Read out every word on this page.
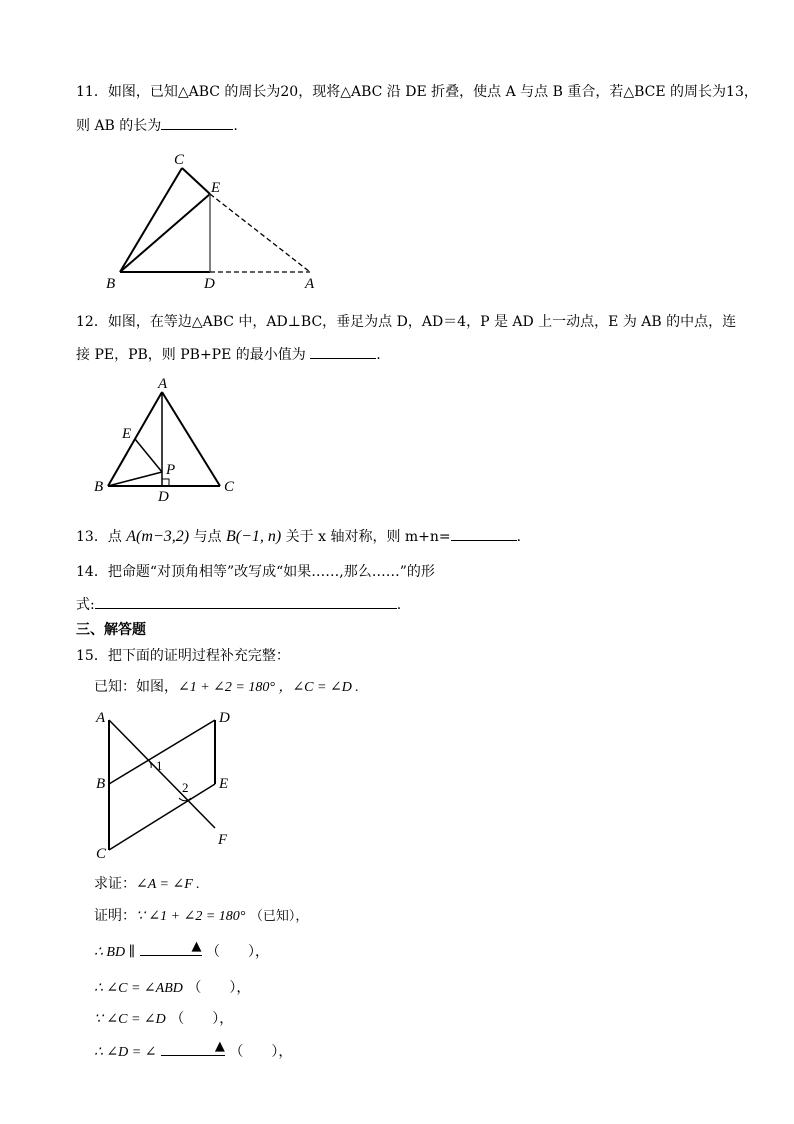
11．如图，已知△ABC 的周长为20，现将△ABC 沿 DE 折叠，使点 A 与点 B 重合，若△BCE 的周长为13，
则 AB 的长为	.
C
E
B	D	A
12．如图，在等边△ABC 中，AD⊥BC，垂足为点 D，AD＝4，P 是 AD 上一动点，E 为 AB 的中点，连
接 PE，PB，则 PB+PE 的最小值为	.
A
E
P
B
D
C
13．点 A(m−3,2) 与点 B(−1, n) 关于 x 轴对称，则 m+n=	.
14．把命题“对顶角相等”改写成“如果……,那么……”的形
式:	.
三、解答题
15．把下面的证明过程补充完整：
已知：如图，∠1 + ∠2 = 180° ，∠C = ∠D .
A	D
B	E
C
F
1
2
求证：∠A = ∠F .
证明：∵ ∠1 + ∠2 = 180° （已知），
∴ BD ∥	▲ （　　），
∴ ∠C = ∠ABD （　　），
∵ ∠C = ∠D （　　），
∴ ∠D = ∠	▲ （　　），
